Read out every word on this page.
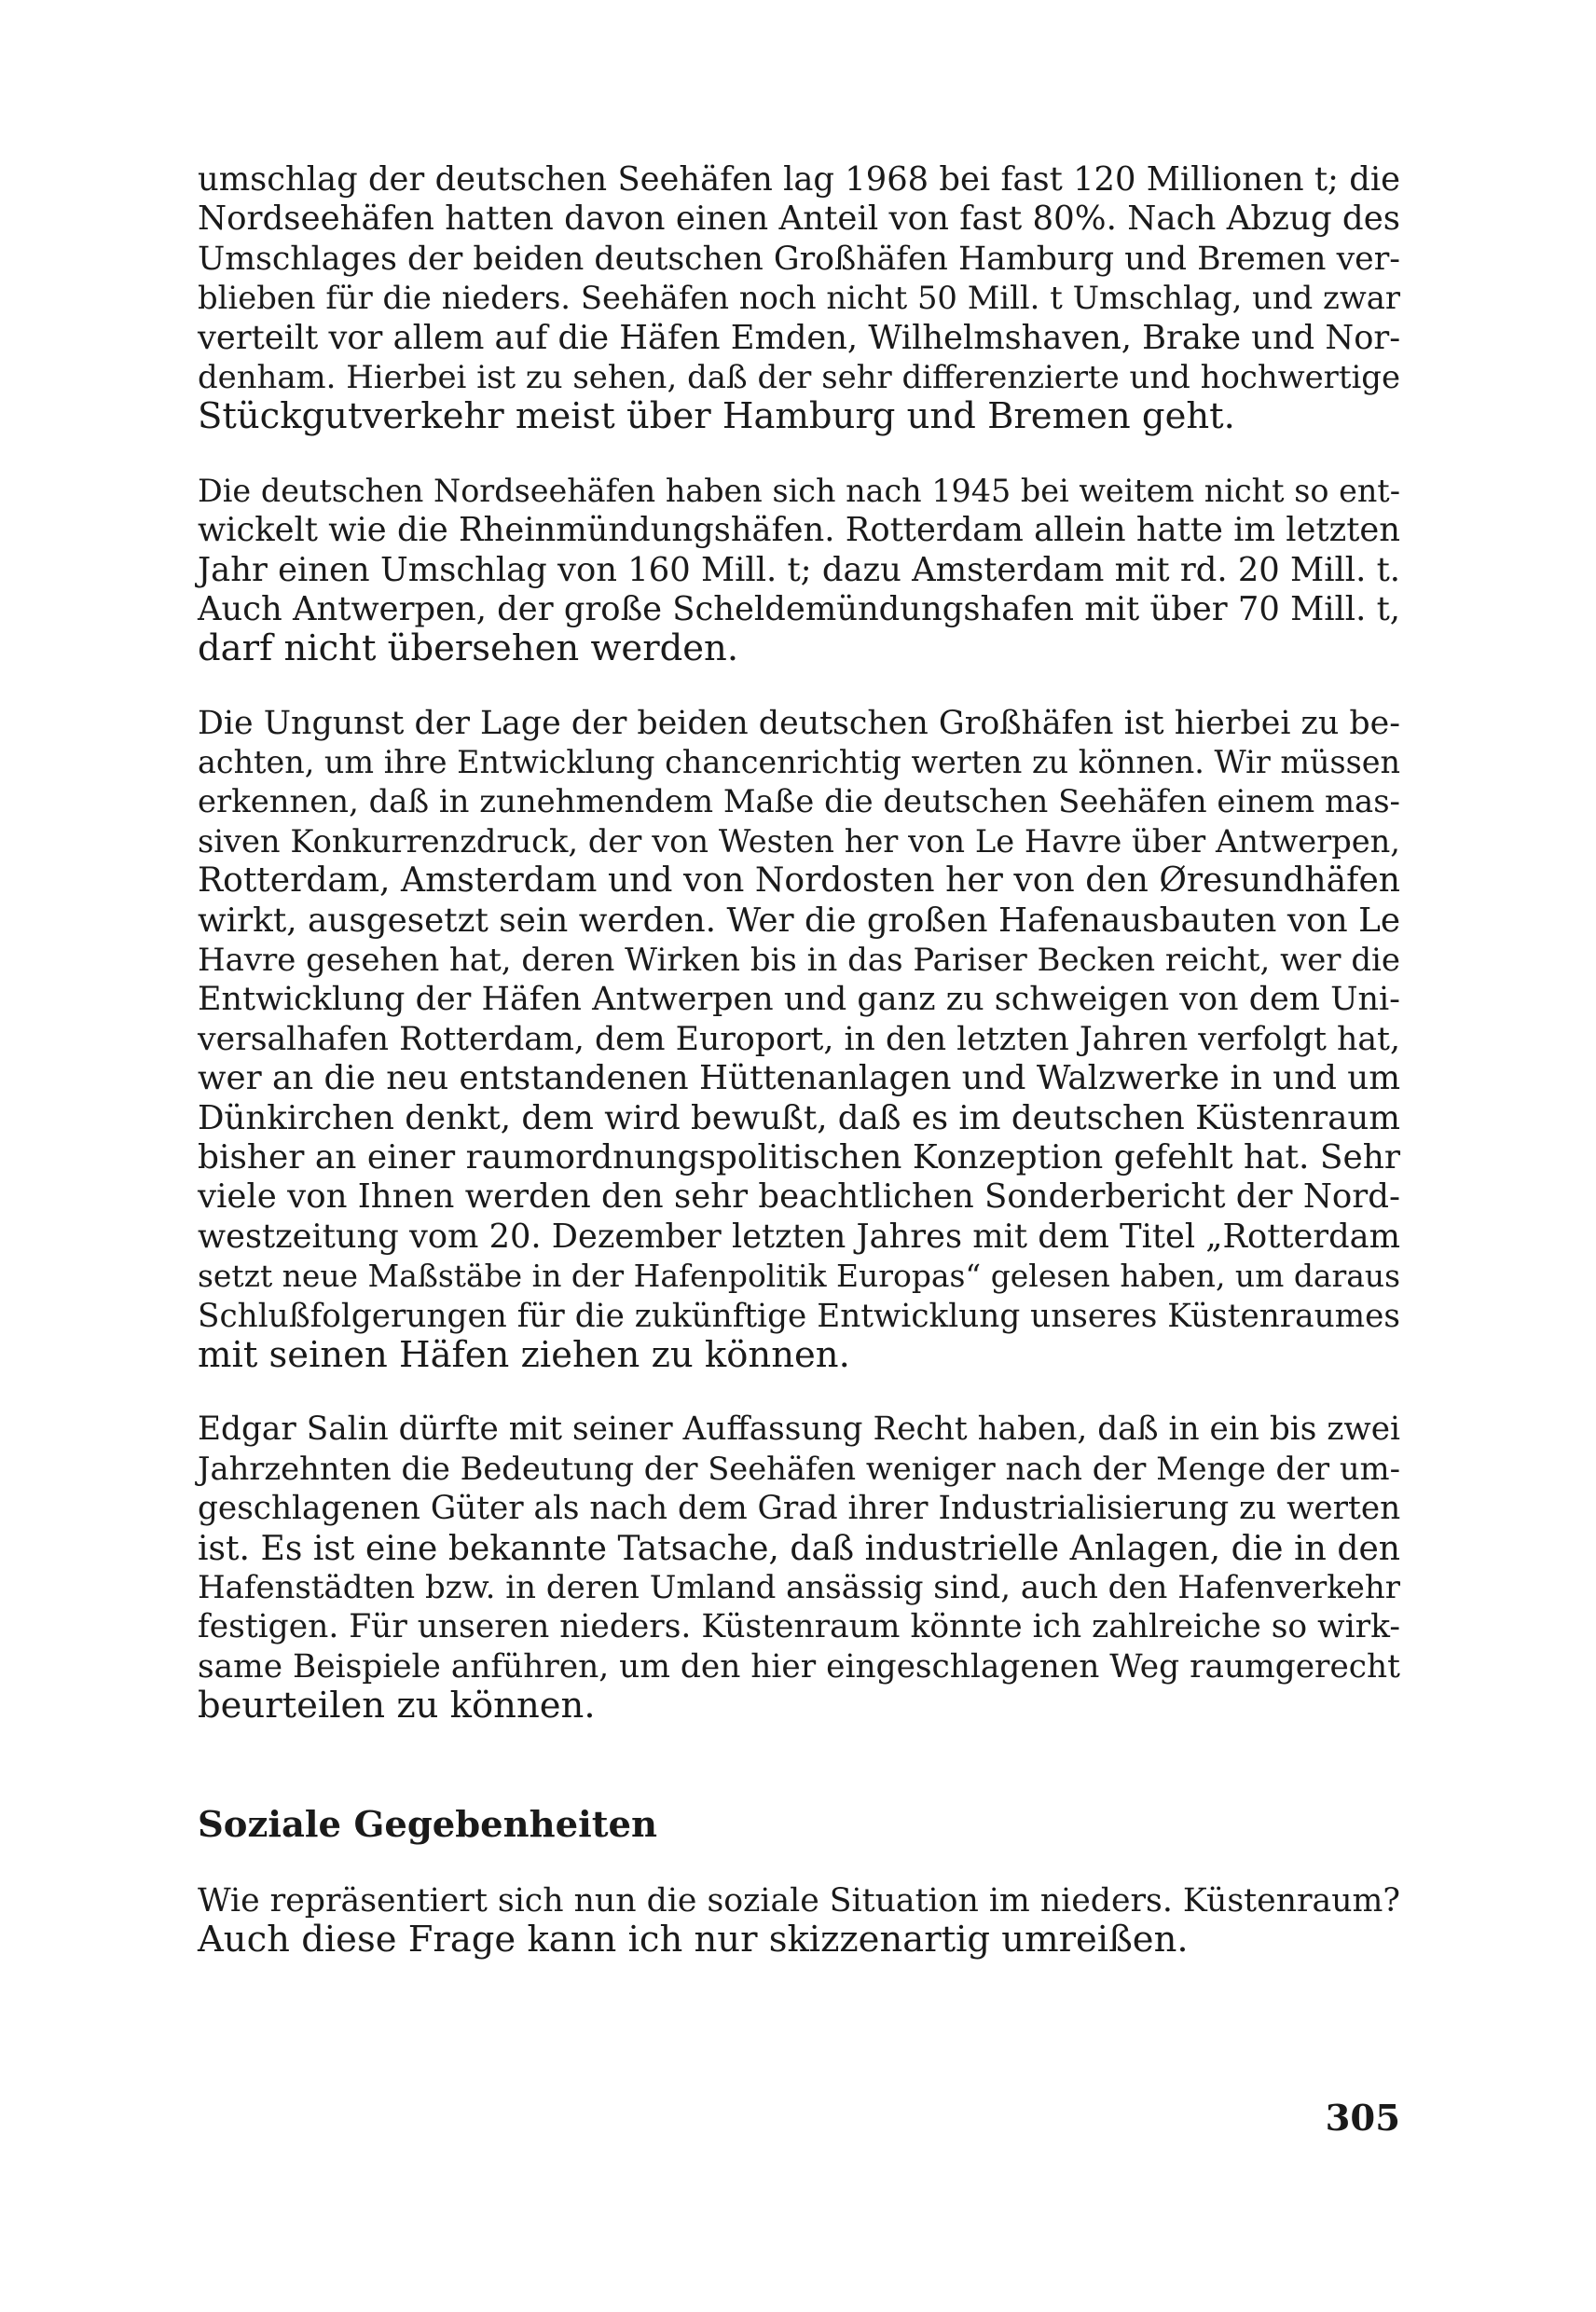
umschlag der deutschen Seehäfen lag 1968 bei fast 120 Millionen t; die
Nordseehäfen hatten davon einen Anteil von fast 80%. Nach Abzug des
Umschlages der beiden deutschen Großhäfen Hamburg und Bremen ver-
blieben für die nieders. Seehäfen noch nicht 50 Mill. t Umschlag, und zwar
verteilt vor allem auf die Häfen Emden, Wilhelmshaven, Brake und Nor-
denham. Hierbei ist zu sehen, daß der sehr differenzierte und hochwertige
Stückgutverkehr meist über Hamburg und Bremen geht.

Die deutschen Nordseehäfen haben sich nach 1945 bei weitem nicht so ent-
wickelt wie die Rheinmündungshäfen. Rotterdam allein hatte im letzten
Jahr einen Umschlag von 160 Mill. t; dazu Amsterdam mit rd. 20 Mill. t.
Auch Antwerpen, der große Scheldemündungshafen mit über 70 Mill. t,
darf nicht übersehen werden.

Die Ungunst der Lage der beiden deutschen Großhäfen ist hierbei zu be-
achten, um ihre Entwicklung chancenrichtig werten zu können. Wir müssen
erkennen, daß in zunehmendem Maße die deutschen Seehäfen einem mas-
siven Konkurrenzdruck, der von Westen her von Le Havre über Antwerpen,
Rotterdam, Amsterdam und von Nordosten her von den Øresundhäfen
wirkt, ausgesetzt sein werden. Wer die großen Hafenausbauten von Le
Havre gesehen hat, deren Wirken bis in das Pariser Becken reicht, wer die
Entwicklung der Häfen Antwerpen und ganz zu schweigen von dem Uni-
versalhafen Rotterdam, dem Europort, in den letzten Jahren verfolgt hat,
wer an die neu entstandenen Hüttenanlagen und Walzwerke in und um
Dünkirchen denkt, dem wird bewußt, daß es im deutschen Küstenraum
bisher an einer raumordnungspolitischen Konzeption gefehlt hat. Sehr
viele von Ihnen werden den sehr beachtlichen Sonderbericht der Nord-
westzeitung vom 20. Dezember letzten Jahres mit dem Titel „Rotterdam
setzt neue Maßstäbe in der Hafenpolitik Europas“ gelesen haben, um daraus
Schlußfolgerungen für die zukünftige Entwicklung unseres Küstenraumes
mit seinen Häfen ziehen zu können.

Edgar Salin dürfte mit seiner Auffassung Recht haben, daß in ein bis zwei
Jahrzehnten die Bedeutung der Seehäfen weniger nach der Menge der um-
geschlagenen Güter als nach dem Grad ihrer Industrialisierung zu werten
ist. Es ist eine bekannte Tatsache, daß industrielle Anlagen, die in den
Hafenstädten bzw. in deren Umland ansässig sind, auch den Hafenverkehr
festigen. Für unseren nieders. Küstenraum könnte ich zahlreiche so wirk-
same Beispiele anführen, um den hier eingeschlagenen Weg raumgerecht
beurteilen zu können.

Soziale Gegebenheiten

Wie repräsentiert sich nun die soziale Situation im nieders. Küstenraum?
Auch diese Frage kann ich nur skizzenartig umreißen.

305
